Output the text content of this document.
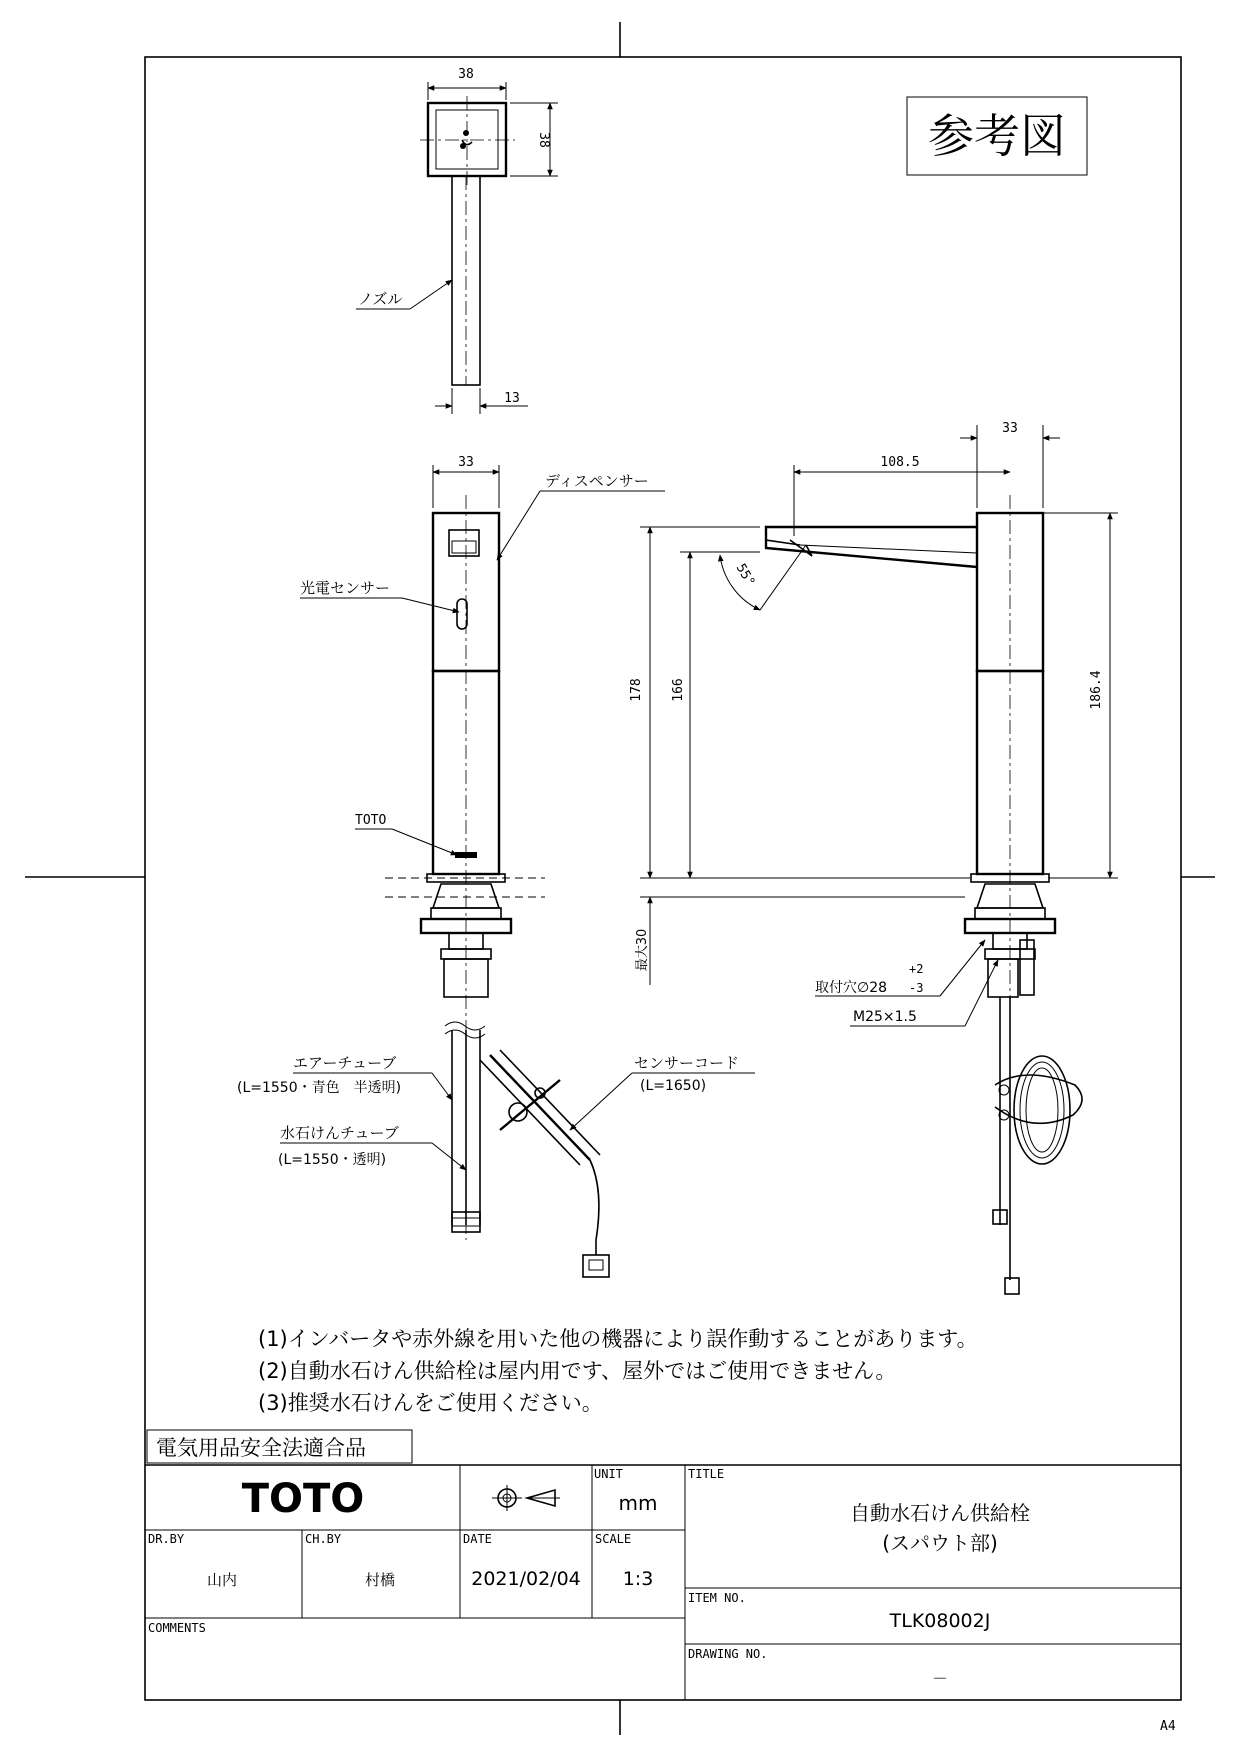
参考図
38
38
13
ノズル
33
ディスペンサー
光電センサー
TOTO
エアーチューブ
(L=1550・青色　半透明)
水石けんチューブ
(L=1550・透明)
センサーコード
(L=1650)
33
108.5
55°
178 166	186.4
最大30
取付穴∅28
+2
-3
M25×1.5
(1)インバータや赤外線を用いた他の機器により誤作動することがあります。
(2)自動水石けん供給栓は屋内用です、屋外ではご使用できません。
(3)推奨水石けんをご使用ください。
電気用品安全法適合品
TOTO
UNIT
mm
TITLE
自動水石けん供給栓
(スパウト部)
DR.BY
山内
CH.BY
村橋
DATE
2021/02/04
SCALE
1:3
ITEM NO.
TLK08002J
COMMENTS
DRAWING NO.
－
A4
